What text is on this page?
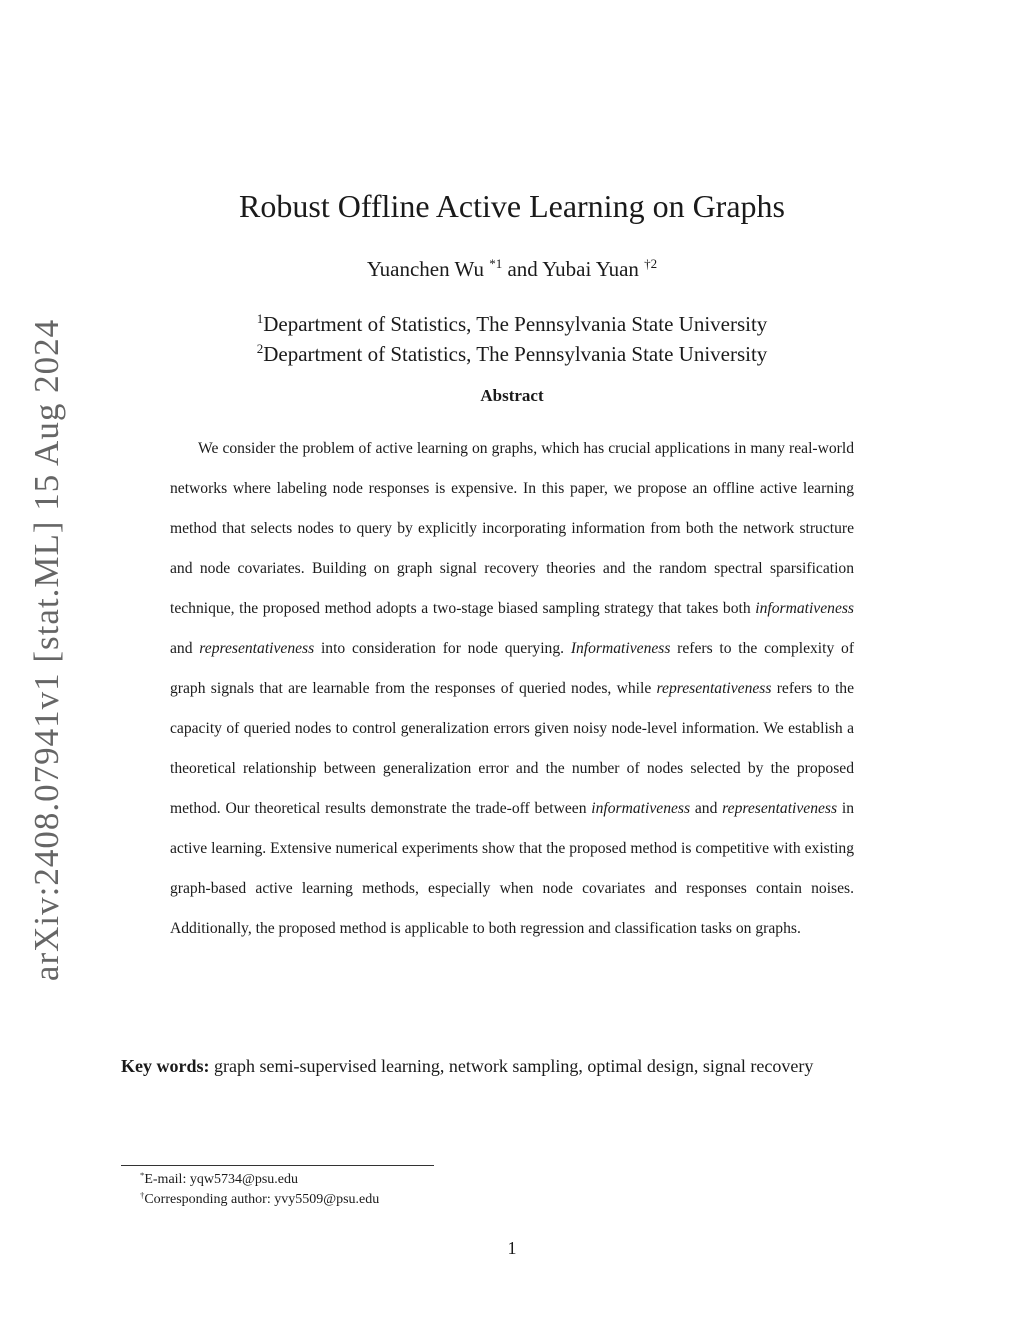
arXiv:2408.07941v1 [stat.ML] 15 Aug 2024
Robust Offline Active Learning on Graphs
Yuanchen Wu $^{*1}$ and Yubai Yuan $^{\dagger 2}$
$^1$Department of Statistics, The Pennsylvania State University
$^2$Department of Statistics, The Pennsylvania State University
Abstract

We consider the problem of active learning on graphs, which has crucial applications in many real-world networks where labeling node responses is expensive. In this paper, we propose an offline active learning method that selects nodes to query by explicitly incorporating information from both the network structure and node covariates. Building on graph signal recovery theories and the random spectral sparsification technique, the proposed method adopts a two-stage biased sampling strategy that takes both informativeness and representativeness into consideration for node querying. Informativeness refers to the complexity of graph signals that are learnable from the responses of queried nodes, while representativeness refers to the capacity of queried nodes to control generalization errors given noisy node-level information. We establish a theoretical relationship between generalization error and the number of nodes selected by the proposed method. Our theoretical results demonstrate the trade-off between informativeness and representativeness in active learning. Extensive numerical experiments show that the proposed method is competitive with existing graph-based active learning methods, especially when node covariates and responses contain noises. Additionally, the proposed method is applicable to both regression and classification tasks on graphs.

Key words: graph semi-supervised learning, network sampling, optimal design, signal recovery
*E-mail: yqw5734@psu.edu
†Corresponding author: yvy5509@psu.edu
1
